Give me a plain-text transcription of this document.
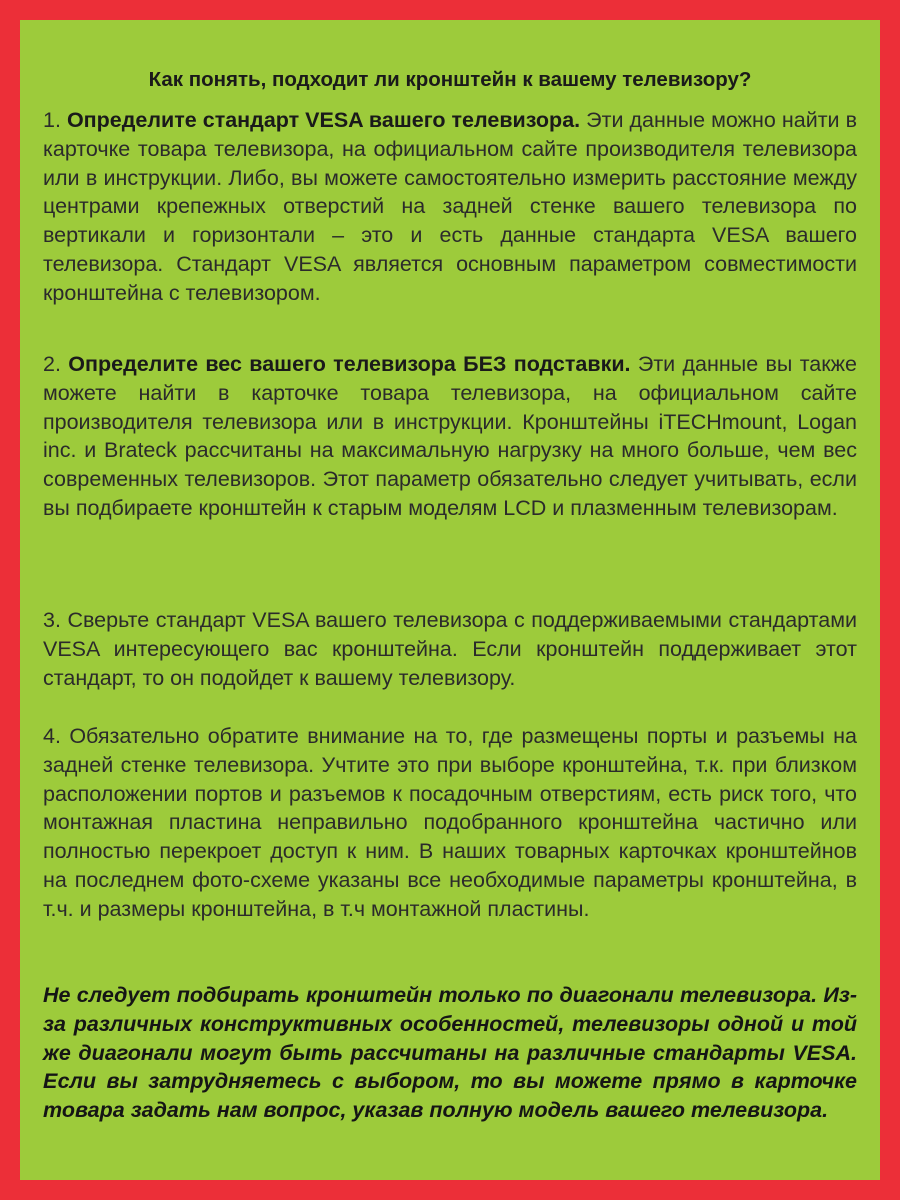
Как понять, подходит ли кронштейн к вашему телевизору?

1. Определите стандарт VESA вашего телевизора. Эти данные можно найти в карточке товара телевизора, на официальном сайте производителя телевизора или в инструкции. Либо, вы можете самостоятельно измерить расстояние между центрами крепежных отверстий на задней стенке вашего телевизора по вертикали и горизонтали – это и есть данные стандарта VESA вашего телевизора. Стандарт VESA является основным параметром совместимости кронштейна с телевизором.

2. Определите вес вашего телевизора БЕЗ подставки. Эти данные вы также можете найти в карточке товара телевизора, на официальном сайте производителя телевизора или в инструкции. Кронштейны iTECHmount, Logan inc. и Brateck рассчитаны на максимальную нагрузку на много больше, чем вес современных телевизоров. Этот параметр обязательно следует учитывать, если вы подбираете кронштейн к старым моделям LCD и плазменным телевизорам.

3. Сверьте стандарт VESA вашего телевизора с поддерживаемыми стандартами VESA интересующего вас кронштейна. Если кронштейн поддерживает этот стандарт, то он подойдет к вашему телевизору.

4. Обязательно обратите внимание на то, где размещены порты и разъемы на задней стенке телевизора. Учтите это при выборе кронштейна, т.к. при близком расположении портов и разъемов к посадочным отверстиям, есть риск того, что монтажная пластина неправильно подобранного кронштейна частично или полностью перекроет доступ к ним. В наших товарных карточках кронштейнов на последнем фото-схеме указаны все необходимые параметры кронштейна, в т.ч. и размеры кронштейна, в т.ч монтажной пластины.

Не следует подбирать кронштейн только по диагонали телевизора. Из-за различных конструктивных особенностей, телевизоры одной и той же диагонали могут быть рассчитаны на различные стандарты VESA. Если вы затрудняетесь с выбором, то вы можете прямо в карточке товара задать нам вопрос, указав полную модель вашего телевизора.
